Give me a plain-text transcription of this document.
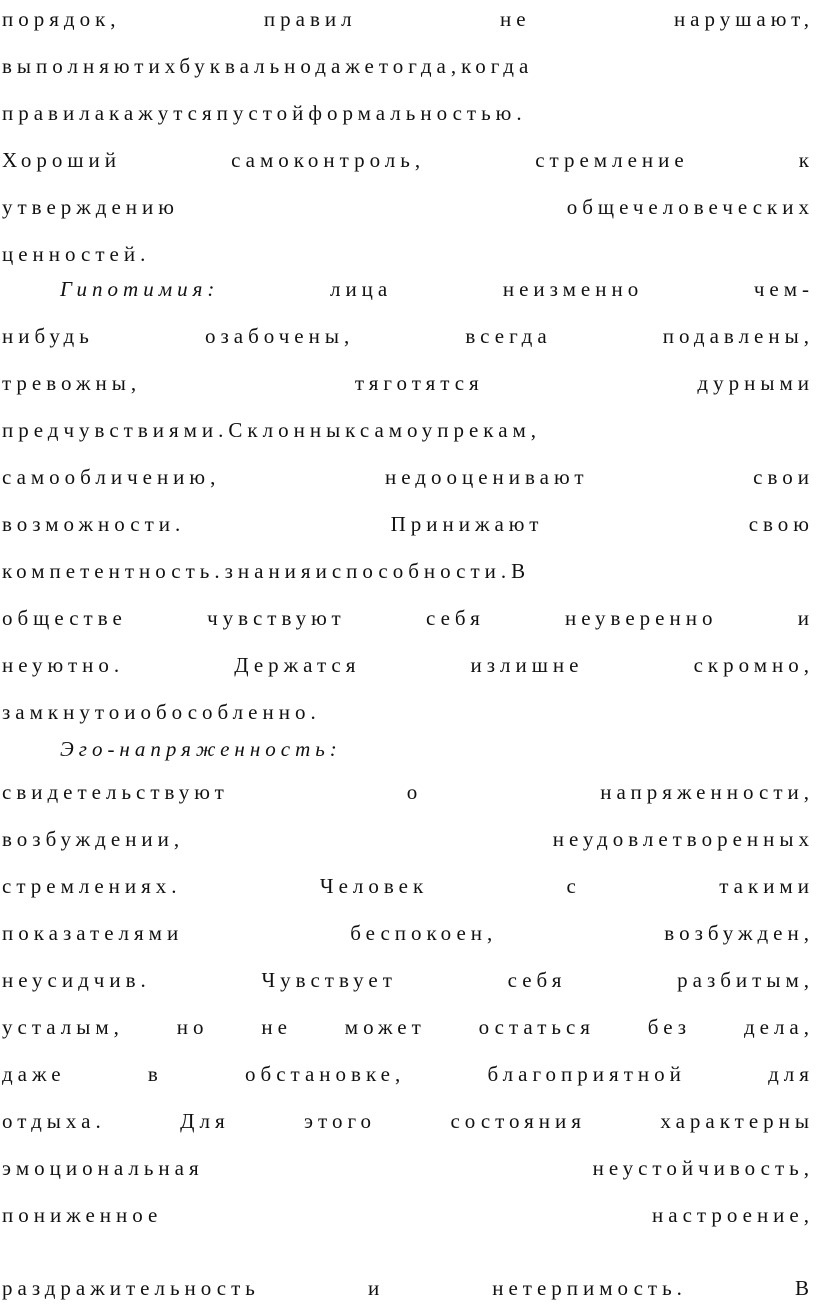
порядок,	правил	не	нарушают,
выполняютихбуквальнодажетогда,когда
правилакажутсяпустойформальностью.
Хороший	самоконтроль,	стремление	к
утверждению	общечеловеческих
ценностей.
Гипотимия:	лица	неизменно	чем-
нибудь	озабочены,	всегда	подавлены,
тревожны,	тяготятся	дурными
предчувствиями.Склонныксамоупрекам,
самообличению,	недооценивают	свои
возможности.	Принижают	свою
компетентность.знанияиспособности.В
обществе	чувствуют	себя	неуверенно	и
неуютно.	Держатся	излишне	скромно,
замкнутоиобособленно.
Эго-напряженность:
свидетельствуют	о	напряженности,
возбуждении,	неудовлетворенных
стремлениях.	Человек	с	такими
показателями	беспокоен,	возбужден,
неусидчив.	Чувствует	себя	разбитым,
усталым,	но	не	может	остаться	без	дела,
даже	в	обстановке,	благоприятной	для
отдыха.	Для	этого	состояния	характерны
эмоциональная	неустойчивость,
пониженное	настроение,
раздражительность	и	нетерпимость.	В
